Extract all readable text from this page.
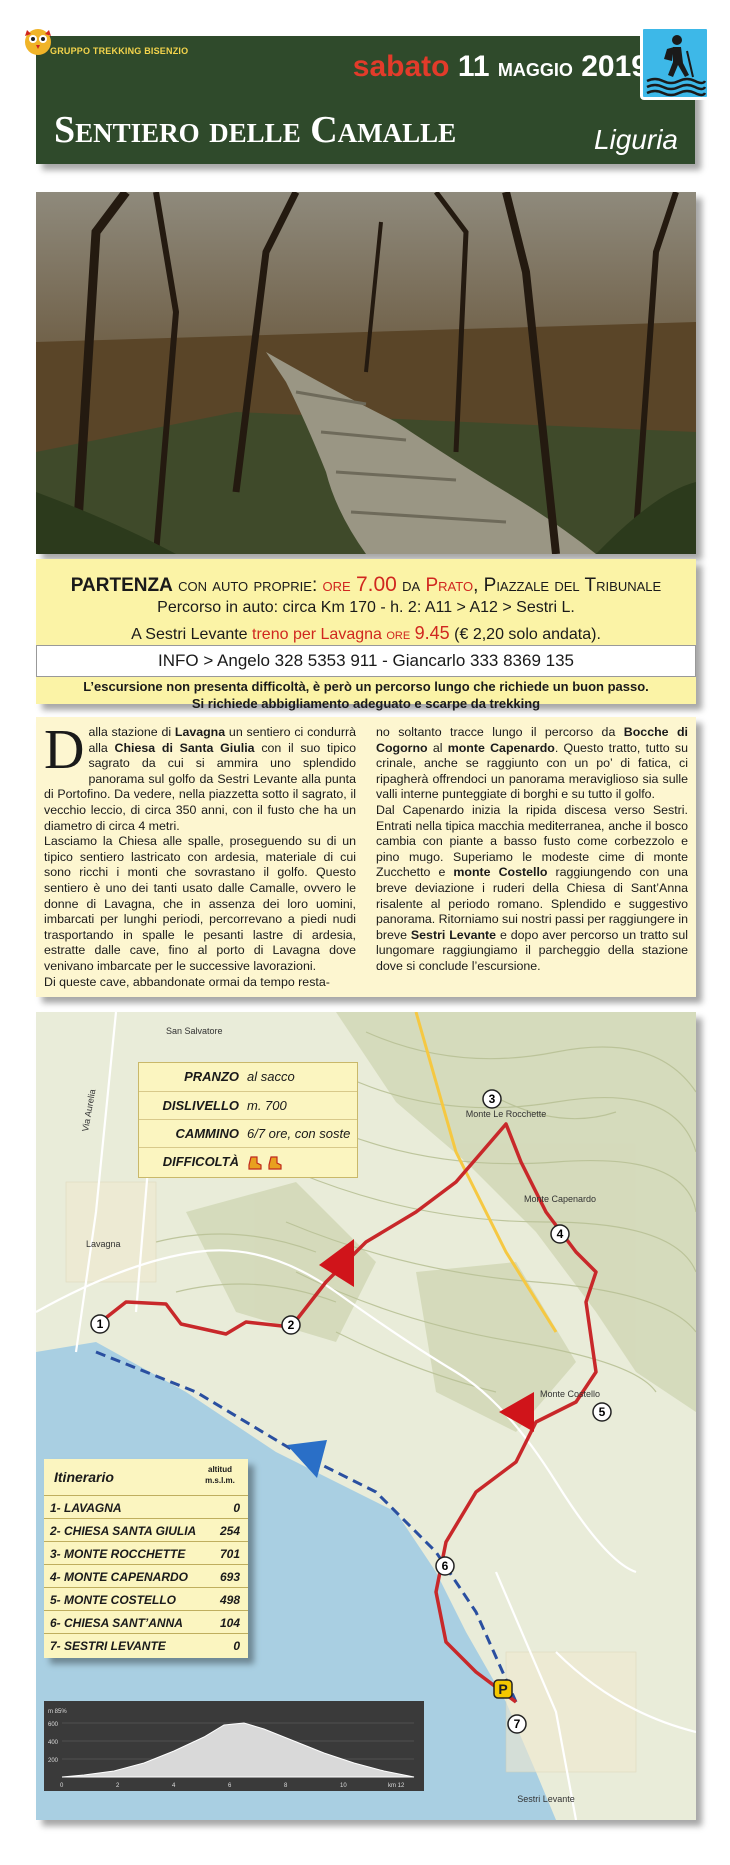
GRUPPO TREKKING BISENZIO	sabato 11 maggio 2019
Sentiero delle Camalle	Liguria
PARTENZA con auto proprie: ore 7.00 da Prato, Piazzale del Tribunale
Percorso in auto: circa Km 170 - h. 2: A11 > A12 > Sestri L.
A Sestri Levante treno per Lavagna ore 9.45 (€ 2,20 solo andata).
INFO > Angelo 328 5353 911 - Giancarlo 333 8369 135
L’escursione non presenta difficoltà, è però un percorso lungo che richiede un buon passo.
Si richiede abbigliamento adeguato e scarpe da trekking
Dalla stazione di Lavagna un sentiero ci condurrà alla Chiesa di Santa Giulia con il suo tipico sagrato da cui si ammira uno splendido panorama sul golfo da Sestri Levante alla punta di Portofino. Da vedere, nella piazzetta sotto il sagrato, il vecchio leccio, di circa 350 anni, con il fusto che ha un diametro di circa 4 metri.
Lasciamo la Chiesa alle spalle, proseguendo su di un tipico sentiero lastricato con ardesia, materiale di cui sono ricchi i monti che sovrastano il golfo. Questo sentiero è uno dei tanti usato dalle Camalle, ovvero le donne di Lavagna, che in assenza dei loro uomini, imbarcati per lunghi periodi, percorrevano a piedi nudi trasportando in spalle le pesanti lastre di ardesia, estratte dalle cave, fino al porto di Lavagna dove venivano imbarcate per le successive lavorazioni.
Di queste cave, abbandonate ormai da tempo resta-
no soltanto tracce lungo il percorso da Bocche di Cogorno al monte Capenardo. Questo tratto, tutto su crinale, anche se raggiunto con un po’ di fatica, ci ripagherà offrendoci un panorama meraviglioso sia sulle valli interne punteggiate di borghi e su tutto il golfo.
Dal Capenardo inizia la ripida discesa verso Sestri. Entrati nella tipica macchia mediterranea, anche il bosco cambia con piante a basso fusto come corbezzolo e pino mugo. Superiamo le modeste cime di monte Zucchetto e monte Costello raggiungendo con una breve deviazione i ruderi della Chiesa di Sant’Anna risalente al periodo romano. Splendido e suggestivo panorama. Ritorniamo sui nostri passi per raggiungere in breve Sestri Levante e dopo aver percorso un tratto sul lungomare raggiungiamo il parcheggio della stazione dove si conclude l’escursione.
1	2
3
4
5
6
7
P
San Salvatore
Lavagna
Monte Le Rocchette
Monte Capenardo
Monte Costello
Sestri Levante
Via Aurelia
PRANZO al sacco
DISLIVELLO m. 700
CAMMINO 6/7 ore, con soste
DIFFICOLTÀ
Itinerario	altitud m.s.l.m.
1- LAVAGNA	0
2- CHIESA SANTA GIULIA 254
3- MONTE ROCCHETTE	701
4- MONTE CAPENARDO	693
5- MONTE COSTELLO	498
6- CHIESA SANT’ANNA	104
7- SESTRI LEVANTE	0
m 85%
600
400
200
0	2	4	6	8	10	km 12
